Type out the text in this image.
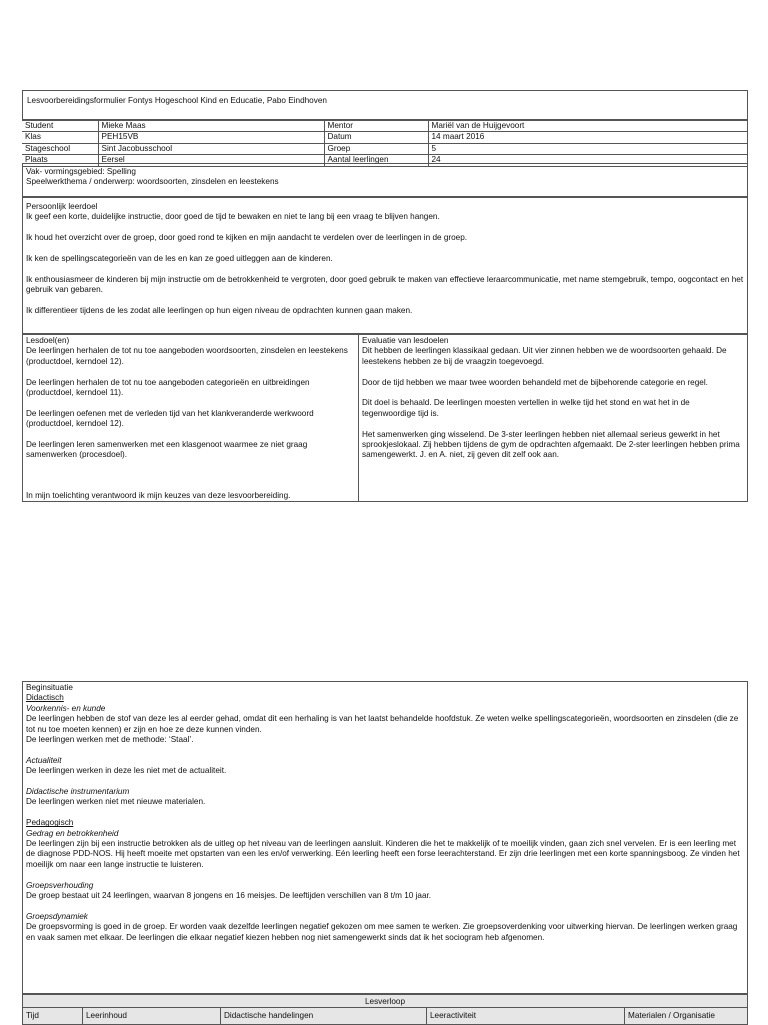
Lesvoorbereidingsformulier Fontys Hogeschool Kind en Educatie, Pabo Eindhoven

Student	Mieke Maas	Mentor	Mariël van de Huijgevoort
Klas	PEH15VB	Datum	14 maart 2016
Stageschool	Sint Jacobusschool	Groep	5
Plaats	Eersel	Aantal leerlingen	24

Vak- vormingsgebied: Spelling

Speelwerkthema / onderwerp: woordsoorten, zinsdelen en leestekens

Persoonlijk leerdoel

Ik geef een korte, duidelijke instructie, door goed de tijd te bewaken en niet te lang bij een vraag te blijven hangen.

Ik houd het overzicht over de groep, door goed rond te kijken en mijn aandacht te verdelen over de leerlingen in de groep.

Ik ken de spellingscategorieën van de les en kan ze goed uitleggen aan de kinderen.

Ik enthousiasmeer de kinderen bij mijn instructie om de betrokkenheid te vergroten, door goed gebruik te maken van effectieve leraarcommunicatie, met name stemgebruik, tempo, oogcontact en het gebruik van gebaren.

Ik differentieer tijdens de les zodat alle leerlingen op hun eigen niveau de opdrachten kunnen gaan maken.

Lesdoel(en)

De leerlingen herhalen de tot nu toe aangeboden woordsoorten, zinsdelen en leestekens (productdoel, kerndoel 12).

De leerlingen herhalen de tot nu toe aangeboden categorieën en uitbreidingen (productdoel, kerndoel 11).

De leerlingen oefenen met de verleden tijd van het klankveranderde werkwoord (productdoel, kerndoel 12).

De leerlingen leren samenwerken met een klasgenoot waarmee ze niet graag samenwerken (procesdoel).

In mijn toelichting verantwoord ik mijn keuzes van deze lesvoorbereiding.

Evaluatie van lesdoelen

Dit hebben de leerlingen klassikaal gedaan. Uit vier zinnen hebben we de woordsoorten gehaald. De leestekens hebben ze bij de vraagzin toegevoegd.

Door de tijd hebben we maar twee woorden behandeld met de bijbehorende categorie en regel.

Dit doel is behaald. De leerlingen moesten vertellen in welke tijd het stond en wat het in de tegenwoordige tijd is.

Het samenwerken ging wisselend. De 3-ster leerlingen hebben niet allemaal serieus gewerkt in het sprookjeslokaal. Zij hebben tijdens de gym de opdrachten afgemaakt. De 2-ster leerlingen hebben prima samengewerkt. J. en A. niet, zij geven dit zelf ook aan.

Beginsituatie

Didactisch

Voorkennis- en kunde

De leerlingen hebben de stof van deze les al eerder gehad, omdat dit een herhaling is van het laatst behandelde hoofdstuk. Ze weten welke spellingscategorieën, woordsoorten en zinsdelen (die ze tot nu toe moeten kennen) er zijn en hoe ze deze kunnen vinden.

De leerlingen werken met de methode: ‘Staal’.

Actualiteit

De leerlingen werken in deze les niet met de actualiteit.

Didactische instrumentarium

De leerlingen werken niet met nieuwe materialen.

Pedagogisch

Gedrag en betrokkenheid

De leerlingen zijn bij een instructie betrokken als de uitleg op het niveau van de leerlingen aansluit. Kinderen die het te makkelijk of te moeilijk vinden, gaan zich snel vervelen. Er is een leerling met de diagnose PDD-NOS. Hij heeft moeite met opstarten van een les en/of verwerking. Eén leerling heeft een forse leerachterstand. Er zijn drie leerlingen met een korte spanningsboog. Ze vinden het moeilijk om naar een lange instructie te luisteren.

Groepsverhouding

De groep bestaat uit 24 leerlingen, waarvan 8 jongens en 16 meisjes. De leeftijden verschillen van 8 t/m 10 jaar.

Groepsdynamiek

De groepsvorming is goed in de groep. Er worden vaak dezelfde leerlingen negatief gekozen om mee samen te werken. Zie groepsoverdenking voor uitwerking hiervan. De leerlingen werken graag en vaak samen met elkaar. De leerlingen die elkaar negatief kiezen hebben nog niet samengewerkt sinds dat ik het sociogram heb afgenomen.

Lesverloop

Tijd	Leerinhoud	Didactische handelingen	Leeractiviteit	Materialen / Organisatie
